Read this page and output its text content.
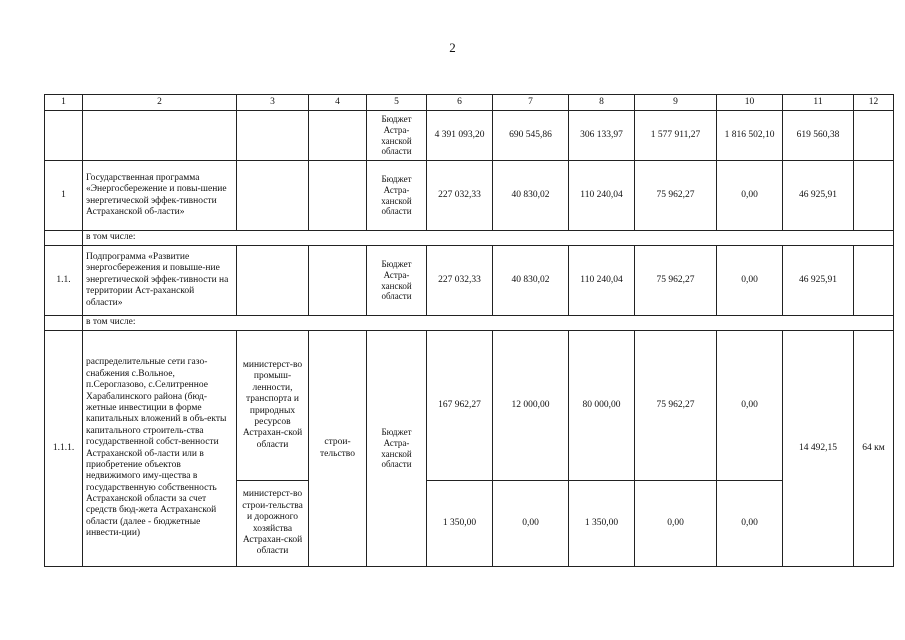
2
1	2	3	4	5	6	7	8	9	10	11	12
				Бюджет Астра-ханской области	4 391 093,20	690 545,86	306 133,97	1 577 911,27	1 816 502,10	619 560,38	
1	Государственная программа «Энергосбережение и повы-шение энергетической эффек-тивности Астраханской об-ласти»			Бюджет Астра-ханской области	227 032,33	40 830,02	110 240,04	75 962,27	0,00	46 925,91	
	в том числе:										
1.1.	Подпрограмма «Развитие энергосбережения и повыше-ние энергетической эффек-тивности на территории Аст-раханской области»			Бюджет Астра-ханской области	227 032,33	40 830,02	110 240,04	75 962,27	0,00	46 925,91	
	в том числе:										
1.1.1.	распределительные сети газо-снабжения с.Вольное, п.Сероглазово, с.Селитренное Харабалинского района (бюд-жетные инвестиции в форме капитальных вложений в объ-екты капитального строитель-ства государственной собст-венности Астраханской об-ласти или в приобретение объектов недвижимого иму-щества в государственную собственность Астраханской области за счет средств бюд-жета Астраханской области (далее - бюджетные инвести-ции)	министерст-во промыш-ленности, транспорта и природных ресурсов Астрахан-ской области	строи-тельство	Бюджет Астра-ханской области	167 962,27	12 000,00	80 000,00	75 962,27	0,00	14 492,15	64 км
		министерст-во строи-тельства и дорожного хозяйства Астрахан-ской области			1 350,00	0,00	1 350,00	0,00	0,00		
